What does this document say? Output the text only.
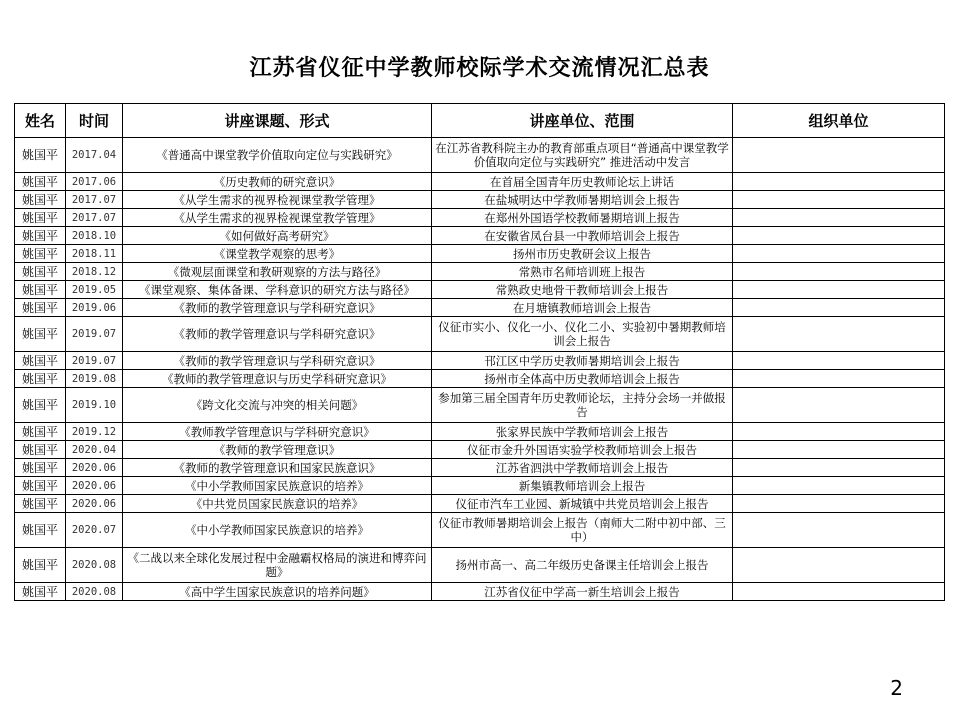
江苏省仪征中学教师校际学术交流情况汇总表
姓名	时间	讲座课题、形式	讲座单位、范围	组织单位
姚国平	2017.04	《普通高中课堂教学价值取向定位与实践研究》	在江苏省教科院主办的教育部重点项目“普通高中课堂教学价值取向定位与实践研究” 推进活动中发言	
姚国平	2017.06	《历史教师的研究意识》	在首届全国青年历史教师论坛上讲话	
姚国平	2017.07	《从学生需求的视界检视课堂教学管理》	在盐城明达中学教师暑期培训会上报告	
姚国平	2017.07	《从学生需求的视界检视课堂教学管理》	在郑州外国语学校教师暑期培训上报告	
姚国平	2018.10	《如何做好高考研究》	在安徽省凤台县一中教师培训会上报告	
姚国平	2018.11	《课堂教学观察的思考》	扬州市历史教研会议上报告	
姚国平	2018.12	《微观层面课堂和教研观察的方法与路径》	常熟市名师培训班上报告	
姚国平	2019.05	《课堂观察、集体备课、学科意识的研究方法与路径》	常熟政史地骨干教师培训会上报告	
姚国平	2019.06	《教师的教学管理意识与学科研究意识》	在月塘镇教师培训会上报告	
姚国平	2019.07	《教师的教学管理意识与学科研究意识》	仪征市实小、仪化一小、仪化二小、实验初中暑期教师培训会上报告	
姚国平	2019.07	《教师的教学管理意识与学科研究意识》	邗江区中学历史教师暑期培训会上报告	
姚国平	2019.08	《教师的教学管理意识与历史学科研究意识》	扬州市全体高中历史教师培训会上报告	
姚国平	2019.10	《跨文化交流与冲突的相关问题》	参加第三届全国青年历史教师论坛，主持分会场一并做报告	
姚国平	2019.12	《教师教学管理意识与学科研究意识》	张家界民族中学教师培训会上报告	
姚国平	2020.04	《教师的教学管理意识》	仪征市金升外国语实验学校教师培训会上报告	
姚国平	2020.06	《教师的教学管理意识和国家民族意识》	江苏省泗洪中学教师培训会上报告	
姚国平	2020.06	《中小学教师国家民族意识的培养》	新集镇教师培训会上报告	
姚国平	2020.06	《中共党员国家民族意识的培养》	仪征市汽车工业园、新城镇中共党员培训会上报告	
姚国平	2020.07	《中小学教师国家民族意识的培养》	仪征市教师暑期培训会上报告（南师大二附中初中部、三中）	
姚国平	2020.08	《二战以来全球化发展过程中金融霸权格局的演进和博弈问题》	扬州市高一、高二年级历史备课主任培训会上报告	
姚国平	2020.08	《高中学生国家民族意识的培养问题》	江苏省仪征中学高一新生培训会上报告	
2
